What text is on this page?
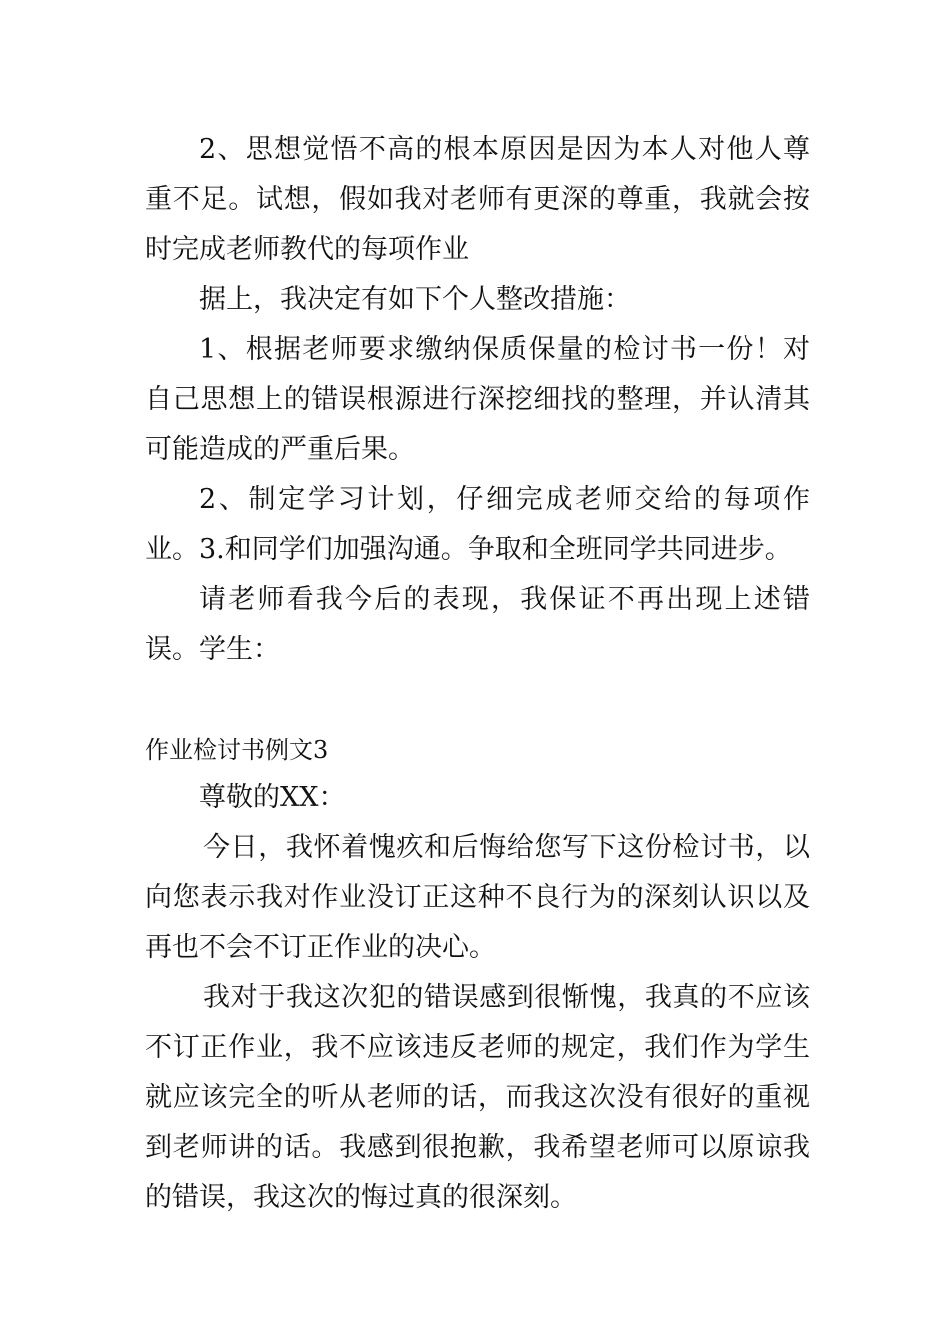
2、思想觉悟不高的根本原因是因为本人对他人尊重不足。试想，假如我对老师有更深的尊重，我就会按时完成老师教代的每项作业

据上，我决定有如下个人整改措施：

1、根据老师要求缴纳保质保量的检讨书一份！对自己思想上的错误根源进行深挖细找的整理，并认清其可能造成的严重后果。

2、制定学习计划，仔细完成老师交给的每项作业。 3.和同学们加强沟通。争取和全班同学共同进步。

请老师看我今后的表现，我保证不再出现上述错误。 学生：

作业检讨书例文3

尊敬的XX：

今日，我怀着愧疚和后悔给您写下这份检讨书，以向您表示我对作业没订正这种不良行为的深刻认识以及再也不会不订正作业的决心。

我对于我这次犯的错误感到很惭愧，我真的不应该不订正作业，我不应该违反老师的规定，我们作为学生就应该完全的听从老师的话，而我这次没有很好的重视到老师讲的话。我感到很抱歉，我希望老师可以原谅我的错误，我这次的悔过真的很深刻。
